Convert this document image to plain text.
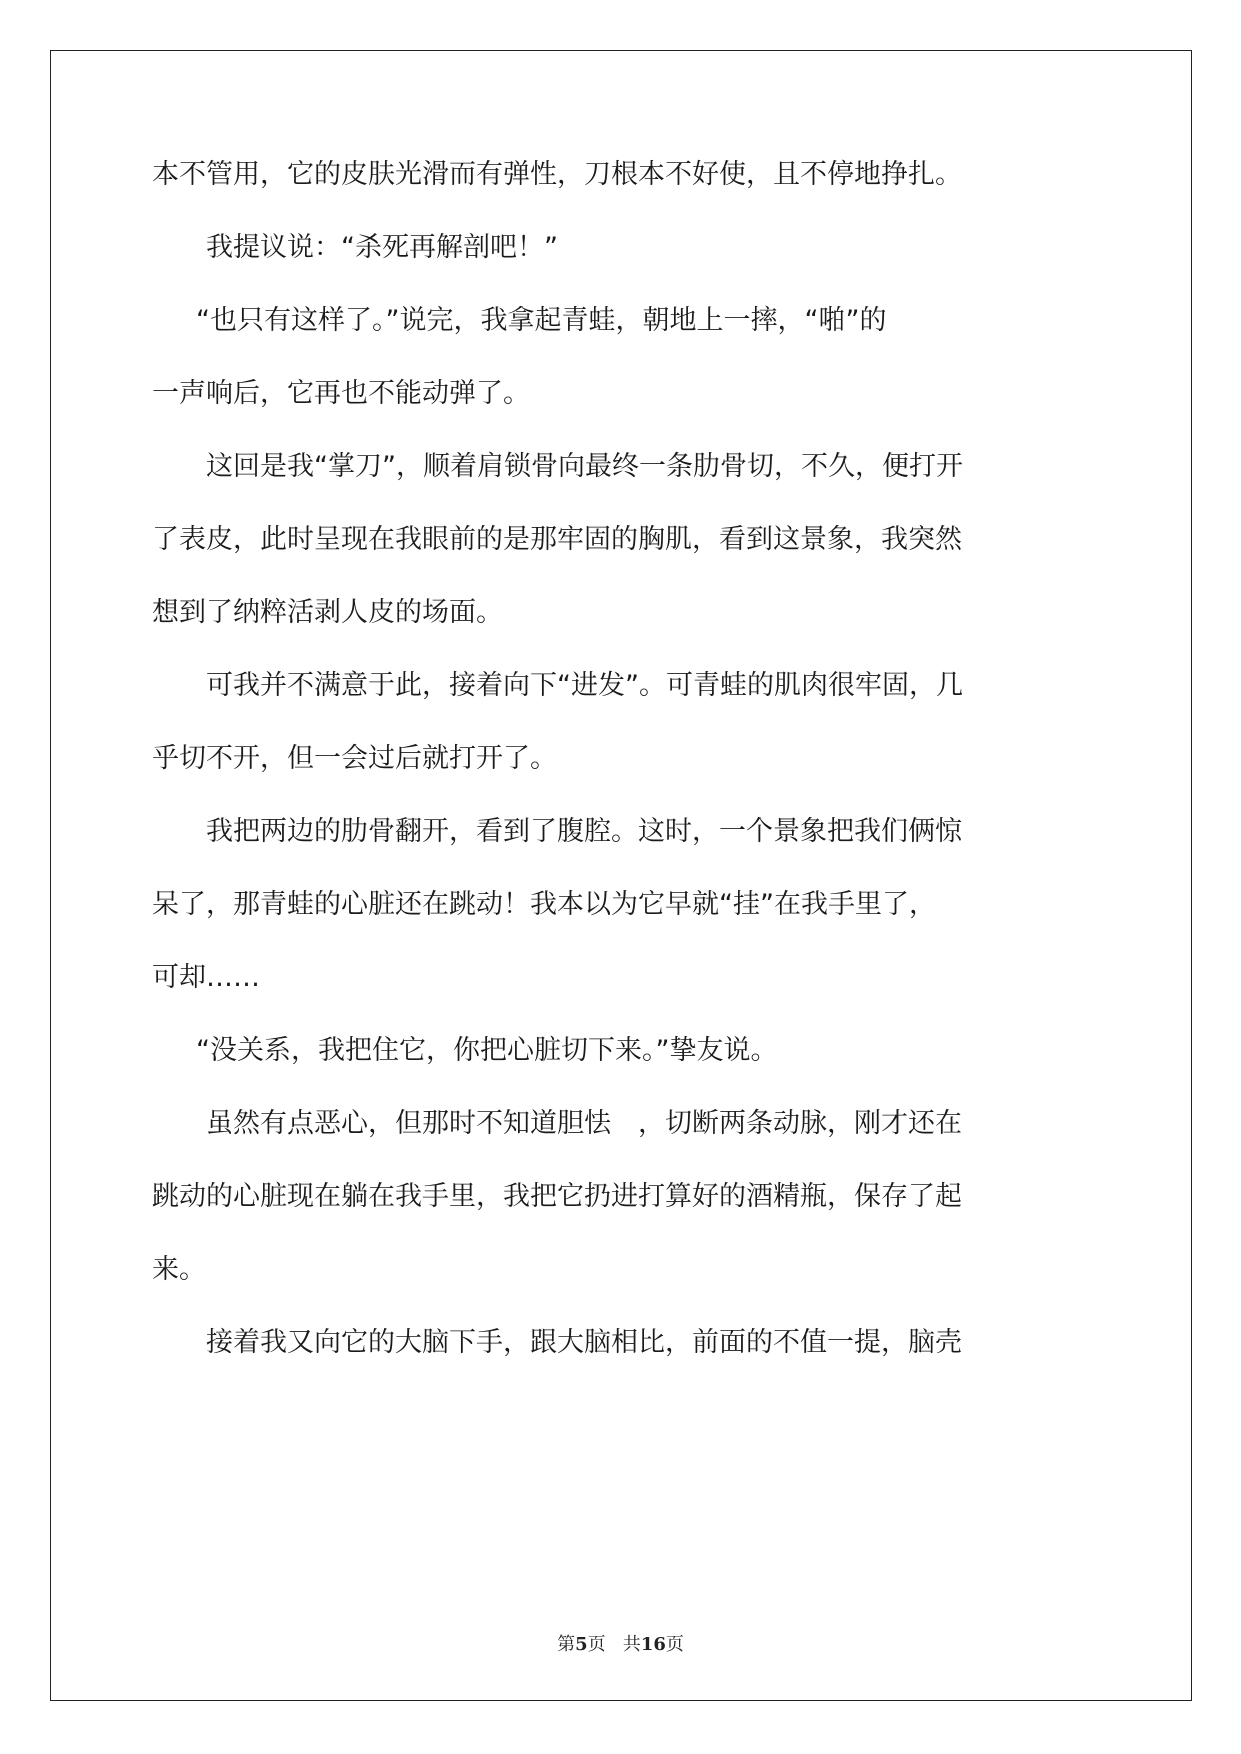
本不管用，它的皮肤光滑而有弹性，刀根本不好使，且不停地挣扎。
我提议说：“杀死再解剖吧！”
“也只有这样了。”说完，我拿起青蛙，朝地上一摔，“啪”的
一声响后，它再也不能动弹了。
这回是我“掌刀”，顺着肩锁骨向最终一条肋骨切，不久，便打开
了表皮，此时呈现在我眼前的是那牢固的胸肌，看到这景象，我突然
想到了纳粹活剥人皮的场面。
可我并不满意于此，接着向下“进发”。可青蛙的肌肉很牢固，几
乎切不开，但一会过后就打开了。
我把两边的肋骨翻开，看到了腹腔。这时，一个景象把我们俩惊
呆了，那青蛙的心脏还在跳动！我本以为它早就“挂”在我手里了，
可却……
“没关系，我把住它，你把心脏切下来。”挚友说。
虽然有点恶心，但那时不知道胆怯　，切断两条动脉，刚才还在
跳动的心脏现在躺在我手里，我把它扔进打算好的酒精瓶，保存了起
来。
接着我又向它的大脑下手，跟大脑相比，前面的不值一提，脑壳
第5页 共16页
